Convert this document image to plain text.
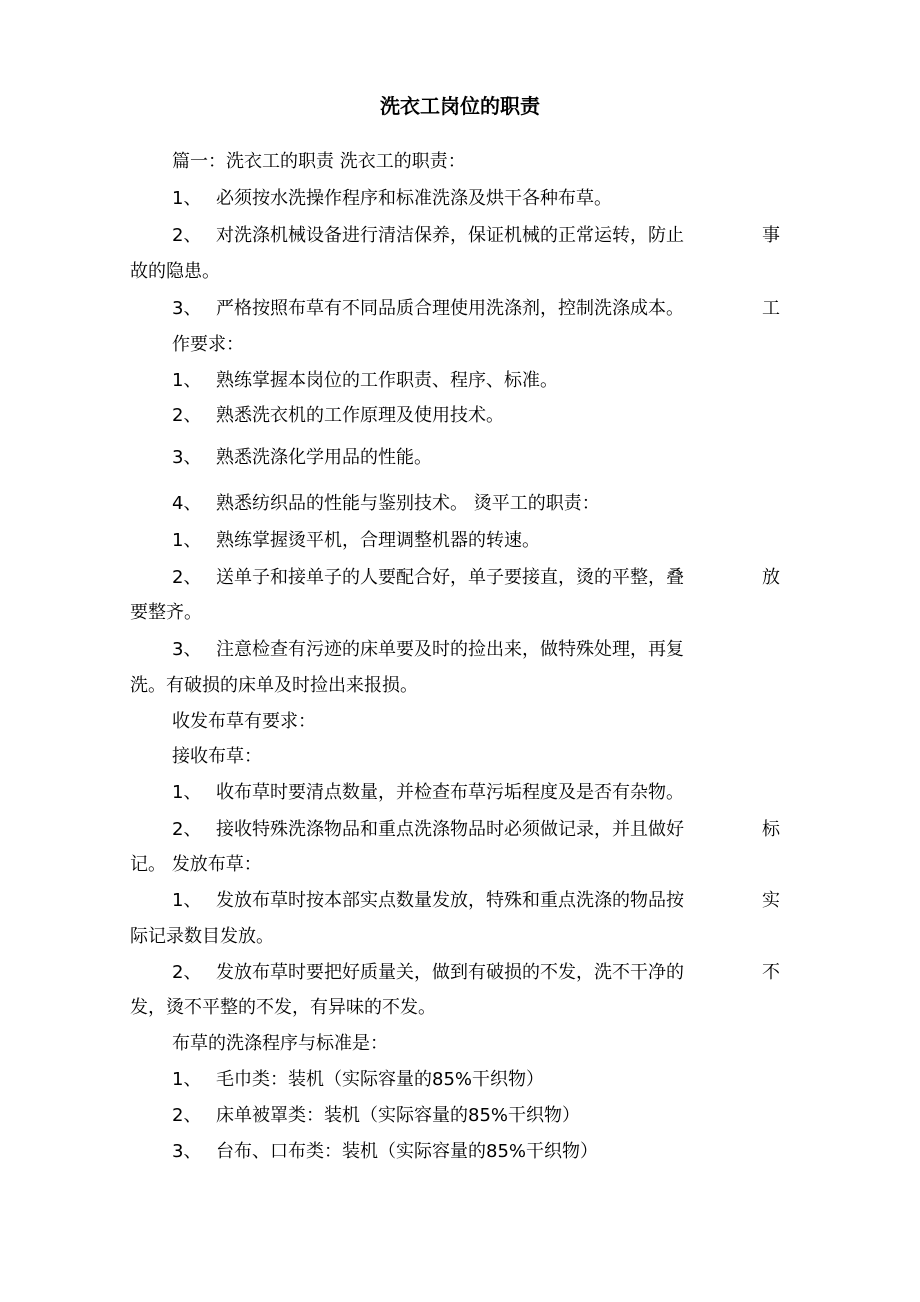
洗衣工岗位的职责
篇一：洗衣工的职责 洗衣工的职责：
1、 必须按水洗操作程序和标准洗涤及烘干各种布草。
2、 对洗涤机械设备进行清洁保养，保证机械的正常运转，防止	事
故的隐患。
3、 严格按照布草有不同品质合理使用洗涤剂，控制洗涤成本。	工
作要求：
1、 熟练掌握本岗位的工作职责、程序、标准。
2、 熟悉洗衣机的工作原理及使用技术。
3、 熟悉洗涤化学用品的性能。
4、 熟悉纺织品的性能与鉴别技术。 烫平工的职责：
1、 熟练掌握烫平机，合理调整机器的转速。
2、 送单子和接单子的人要配合好，单子要接直，烫的平整，叠	放
要整齐。
3、 注意检查有污迹的床单要及时的捡出来，做特殊处理，再复
洗。有破损的床单及时捡出来报损。
收发布草有要求：
接收布草：
1、 收布草时要清点数量，并检查布草污垢程度及是否有杂物。
2、 接收特殊洗涤物品和重点洗涤物品时必须做记录，并且做好	标
记。 发放布草：
1、 发放布草时按本部实点数量发放，特殊和重点洗涤的物品按	实
际记录数目发放。
2、 发放布草时要把好质量关，做到有破损的不发，洗不干净的	不
发，烫不平整的不发，有异味的不发。
布草的洗涤程序与标准是：
1、 毛巾类：装机（实际容量的85%干织物）
2、 床单被罩类：装机（实际容量的85%干织物）
3、 台布、口布类：装机（实际容量的85%干织物）
